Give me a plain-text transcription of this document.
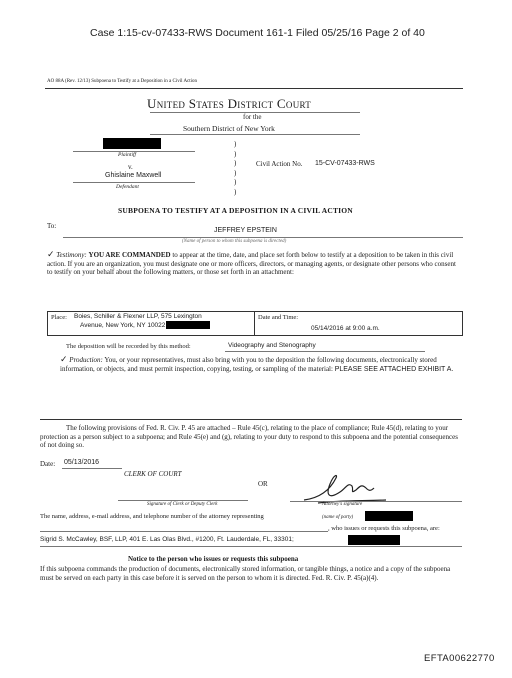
Case 1:15-cv-07433-RWS Document 161-1 Filed 05/25/16 Page 2 of 40
AO 88A (Rev. 12/13) Subpoena to Testify at a Deposition in a Civil Action
United States District Court
for the
Southern District of New York
Plaintiff
v.
Ghislaine Maxwell
Defendant
)
)
)
)
)
)
Civil Action No. 15-CV-07433-RWS
SUBPOENA TO TESTIFY AT A DEPOSITION IN A CIVIL ACTION
To:
JEFFREY EPSTEIN
(Name of person to whom this subpoena is directed)
✓ Testimony: YOU ARE COMMANDED to appear at the time, date, and place set forth below to testify at a deposition to be taken in this civil action. If you are an organization, you must designate one or more officers, directors, or managing agents, or designate other persons who consent to testify on your behalf about the following matters, or those set forth in an attachment:
Place: Boies, Schiller & Flexner LLP, 575 Lexington
Avenue, New York, NY 10022
Date and Time:
05/14/2016 at 9:00 a.m.
The deposition will be recorded by this method:	Videography and Stenography
✓ Production: You, or your representatives, must also bring with you to the deposition the following documents, electronically stored information, or objects, and must permit inspection, copying, testing, or sampling of the material: PLEASE SEE ATTACHED EXHIBIT A.
The following provisions of Fed. R. Civ. P. 45 are attached – Rule 45(c), relating to the place of compliance; Rule 45(d), relating to your protection as a person subject to a subpoena; and Rule 45(e) and (g), relating to your duty to respond to this subpoena and the potential consequences of not doing so.
Date: 05/13/2016
CLERK OF COURT
OR
Signature of Clerk or Deputy Clerk	Attorney's signature
The name, address, e-mail address, and telephone number of the attorney representing	(name of party)
, who issues or requests this subpoena, are:
Sigrid S. McCawley, BSF, LLP, 401 E. Las Olas Blvd., #1200, Ft. Lauderdale, FL, 33301;
Notice to the person who issues or requests this subpoena
If this subpoena commands the production of documents, electronically stored information, or tangible things, a notice and a copy of the subpoena must be served on each party in this case before it is served on the person to whom it is directed. Fed. R. Civ. P. 45(a)(4).
EFTA00622770
